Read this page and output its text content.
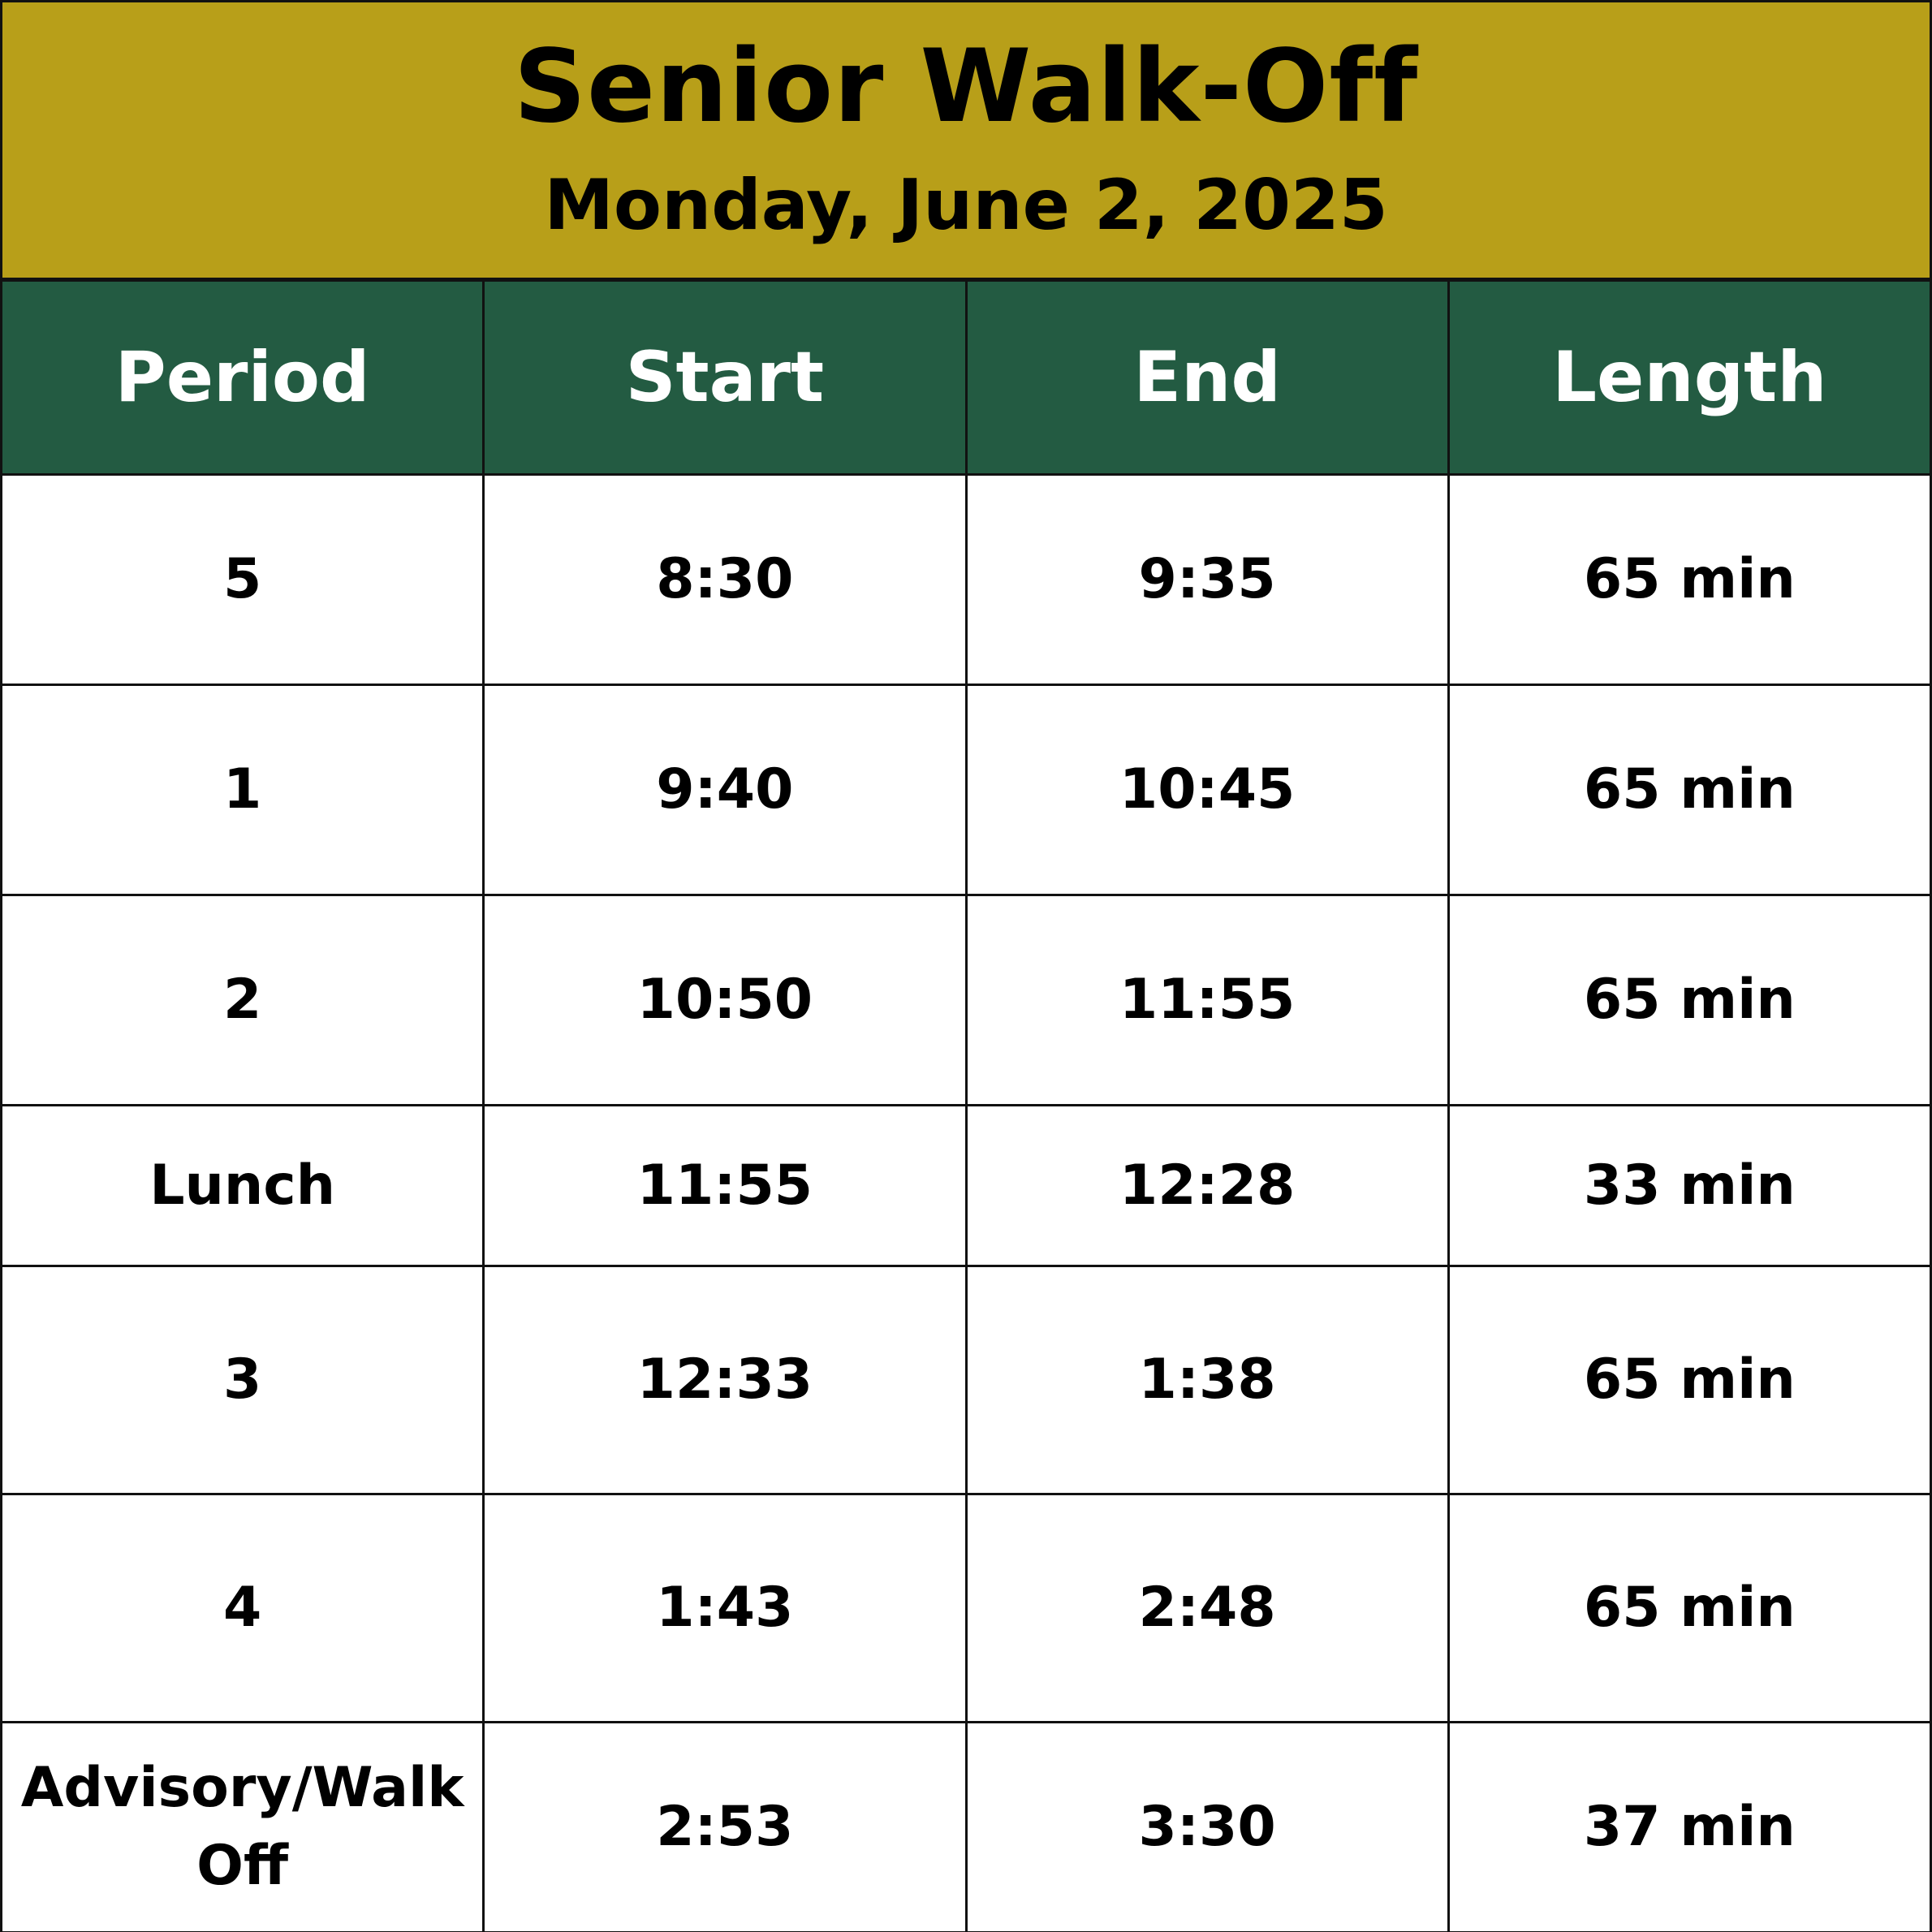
Senior Walk-Off
Monday, June 2, 2025
Period	Start	End	Length
5	8:30	9:35	65 min
1	9:40	10:45	65 min
2	10:50	11:55	65 min
Lunch	11:55	12:28	33 min
3	12:33	1:38	65 min
4	1:43	2:48	65 min
Advisory/Walk Off	2:53	3:30	37 min
